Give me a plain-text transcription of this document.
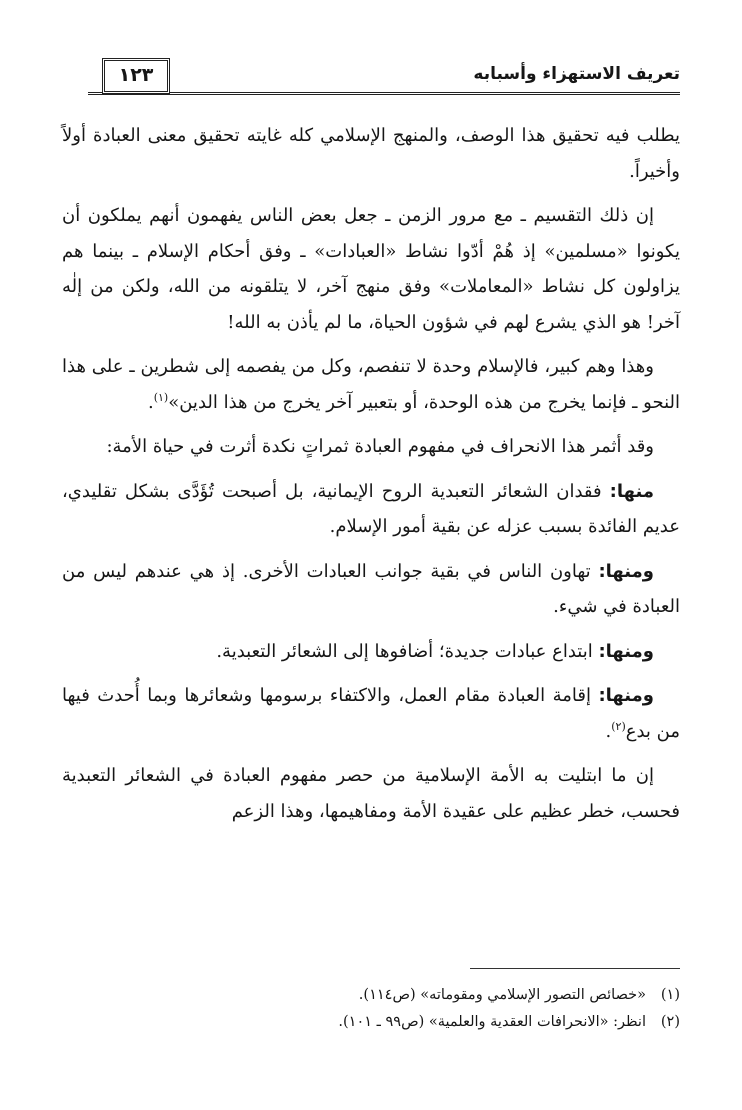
تعريف الاستهزاء وأسبابه
١٢٣

يطلب فيه تحقيق هذا الوصف، والمنهج الإسلامي كله غايته تحقيق معنى العبادة أولاً وأخيراً.

إن ذلك التقسيم ـ مع مرور الزمن ـ جعل بعض الناس يفهمون أنهم يملكون أن يكونوا «مسلمين» إذ هُمْ أدّوا نشاط «العبادات» ـ وفق أحكام الإسلام ـ بينما هم يزاولون كل نشاط «المعاملات» وفق منهج آخر، لا يتلقونه من الله، ولكن من إلٰه آخر! هو الذي يشرع لهم في شؤون الحياة، ما لم يأذن به الله!

وهذا وهم كبير، فالإسلام وحدة لا تنفصم، وكل من يفصمه إلى شطرين ـ على هذا النحو ـ فإنما يخرج من هذه الوحدة، أو بتعبير آخر يخرج من هذا الدين»$^{(١)}$.

وقد أثمر هذا الانحراف في مفهوم العبادة ثمراتٍ نكدة أثرت في حياة الأمة:

منها: فقدان الشعائر التعبدية الروح الإيمانية، بل أصبحت تُؤَدَّى بشكل تقليدي، عديم الفائدة بسبب عزله عن بقية أمور الإسلام.

ومنها: تهاون الناس في بقية جوانب العبادات الأخرى. إذ هي عندهم ليس من العبادة في شيء.

ومنها: ابتداع عبادات جديدة؛ أضافوها إلى الشعائر التعبدية.

ومنها: إقامة العبادة مقام العمل، والاكتفاء برسومها وشعائرها وبما أُحدث فيها من بدع$^{(٢)}$.

إن ما ابتليت به الأمة الإسلامية من حصر مفهوم العبادة في الشعائر التعبدية فحسب، خطر عظيم على عقيدة الأمة ومفاهيمها، وهذا الزعم

(١)«خصائص التصور الإسلامي ومقوماته» (ص١١٤).

(٢)انظر: «الانحرافات العقدية والعلمية» (ص٩٩ ـ ١٠١).
